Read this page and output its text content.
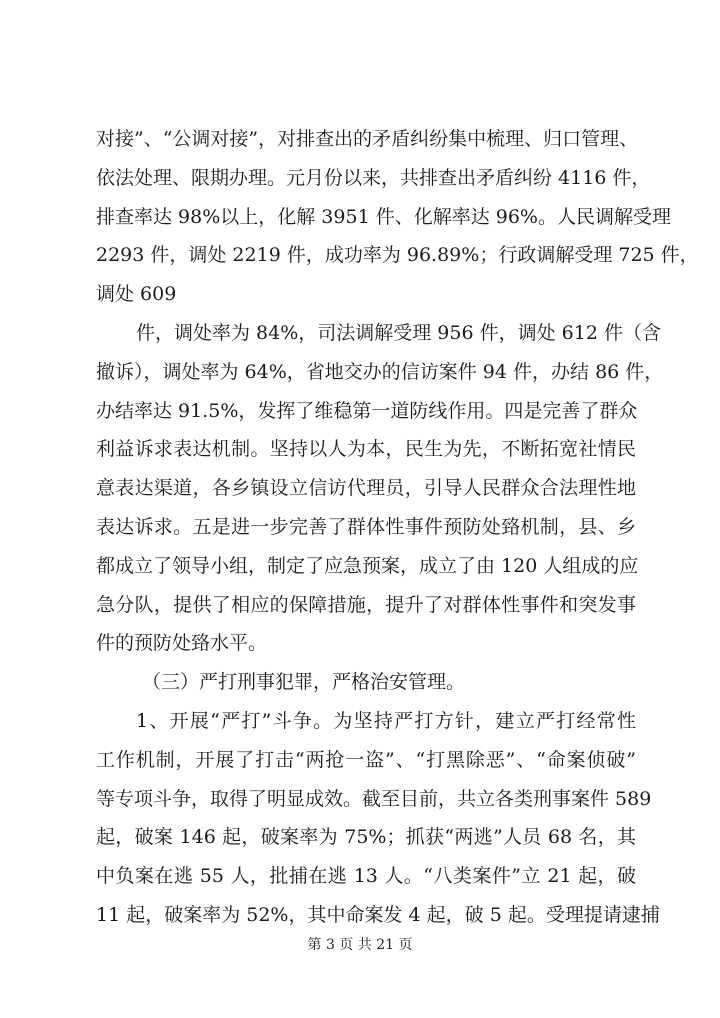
对接”、“公调对接”，对排查出的矛盾纠纷集中梳理、归口管理、
依法处理、限期办理。元月份以来，共排查出矛盾纠纷 4116 件，
排查率达 98%以上，化解 3951 件、化解率达 96%。人民调解受理
2293 件，调处 2219 件，成功率为 96.89%；行政调解受理 725 件，
调处 609
件，调处率为 84%，司法调解受理 956 件，调处 612 件（含
撤诉），调处率为 64%，省地交办的信访案件 94 件，办结 86 件，
办结率达 91.5%，发挥了维稳第一道防线作用。四是完善了群众
利益诉求表达机制。坚持以人为本，民生为先，不断拓宽社情民
意表达渠道，各乡镇设立信访代理员，引导人民群众合法理性地
表达诉求。五是进一步完善了群体性事件预防处臵机制，县、乡
都成立了领导小组，制定了应急预案，成立了由 120 人组成的应
急分队，提供了相应的保障措施，提升了对群体性事件和突发事
件的预防处臵水平。
（三）严打刑事犯罪，严格治安管理。
1、开展“严打”斗争。为坚持严打方针，建立严打经常性
工作机制，开展了打击“两抢一盗”、“打黑除恶”、“命案侦破”
等专项斗争，取得了明显成效。截至目前，共立各类刑事案件 589
起，破案 146 起，破案率为 75%；抓获“两逃”人员 68 名，其
中负案在逃 55 人，批捕在逃 13 人。“八类案件”立 21 起，破
11 起，破案率为 52%，其中命案发 4 起，破 5 起。受理提请逮捕
第 3 页 共 21 页
